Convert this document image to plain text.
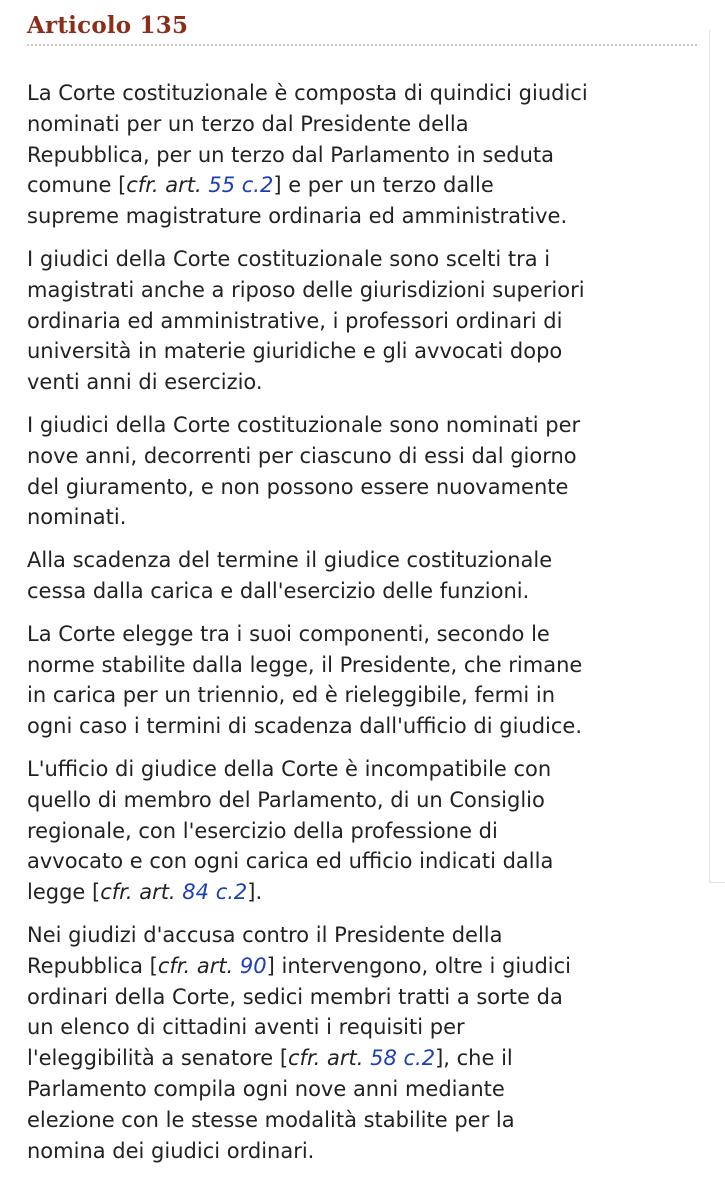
Articolo 135

La Corte costituzionale è composta di quindici giudici
nominati per un terzo dal Presidente della
Repubblica, per un terzo dal Parlamento in seduta
comune [cfr. art. 55 c.2] e per un terzo dalle
supreme magistrature ordinaria ed amministrative.

I giudici della Corte costituzionale sono scelti tra i
magistrati anche a riposo delle giurisdizioni superiori
ordinaria ed amministrative, i professori ordinari di
università in materie giuridiche e gli avvocati dopo
venti anni di esercizio.

I giudici della Corte costituzionale sono nominati per
nove anni, decorrenti per ciascuno di essi dal giorno
del giuramento, e non possono essere nuovamente
nominati.

Alla scadenza del termine il giudice costituzionale
cessa dalla carica e dall'esercizio delle funzioni.

La Corte elegge tra i suoi componenti, secondo le
norme stabilite dalla legge, il Presidente, che rimane
in carica per un triennio, ed è rieleggibile, fermi in
ogni caso i termini di scadenza dall'ufficio di giudice.

L'ufficio di giudice della Corte è incompatibile con
quello di membro del Parlamento, di un Consiglio
regionale, con l'esercizio della professione di
avvocato e con ogni carica ed ufficio indicati dalla
legge [cfr. art. 84 c.2].

Nei giudizi d'accusa contro il Presidente della
Repubblica [cfr. art. 90] intervengono, oltre i giudici
ordinari della Corte, sedici membri tratti a sorte da
un elenco di cittadini aventi i requisiti per
l'eleggibilità a senatore [cfr. art. 58 c.2], che il
Parlamento compila ogni nove anni mediante
elezione con le stesse modalità stabilite per la
nomina dei giudici ordinari.
